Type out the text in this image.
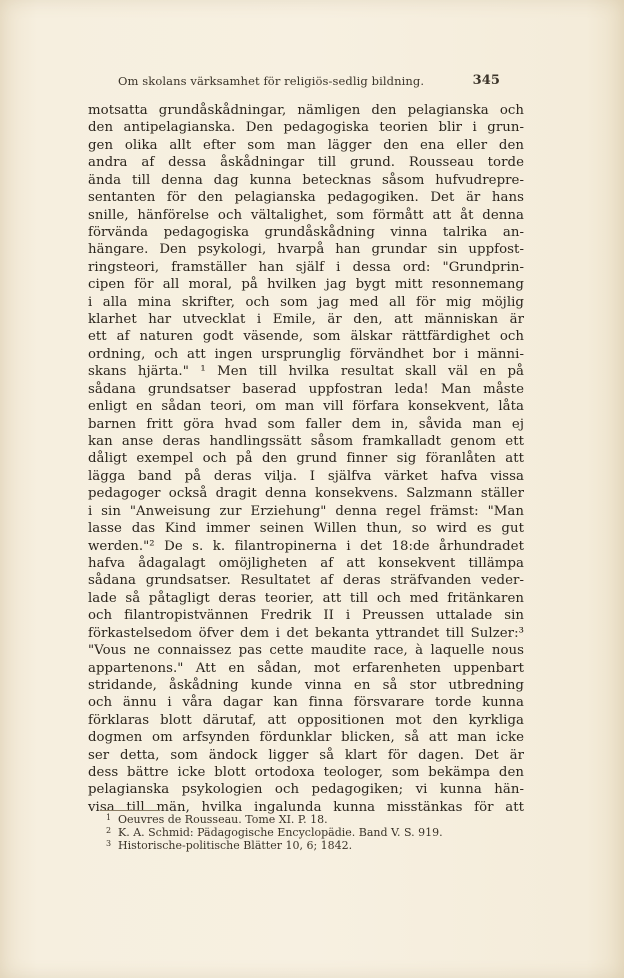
Om skolans värksamhet för religiös-sedlig bildning.	345
motsatta grundåskådningar, nämligen den pelagianska och
den antipelagianska. Den pedagogiska teorien blir i grun-
gen olika allt efter som man lägger den ena eller den
andra af dessa åskådningar till grund. Rousseau torde
ända till denna dag kunna betecknas såsom hufvudrepre-
sentanten för den pelagianska pedagogiken. Det är hans
snille, hänförelse och vältalighet, som förmått att åt denna
förvända pedagogiska grundåskådning vinna talrika an-
hängare. Den psykologi, hvarpå han grundar sin uppfost-
ringsteori, framställer han själf i dessa ord: "Grundprin-
cipen för all moral, på hvilken jag bygt mitt resonnemang
i alla mina skrifter, och som jag med all för mig möjlig
klarhet har utvecklat i Emile, är den, att människan är
ett af naturen godt väsende, som älskar rättfärdighet och
ordning, och att ingen ursprunglig förvändhet bor i männi-
skans hjärta." ¹ Men till hvilka resultat skall väl en på
sådana grundsatser baserad uppfostran leda! Man måste
enligt en sådan teori, om man vill förfara konsekvent, låta
barnen fritt göra hvad som faller dem in, såvida man ej
kan anse deras handlingssätt såsom framkalladt genom ett
dåligt exempel och på den grund finner sig föranlåten att
lägga band på deras vilja. I själfva värket hafva vissa
pedagoger också dragit denna konsekvens. Salzmann ställer
i sin "Anweisung zur Erziehung" denna regel främst: "Man
lasse das Kind immer seinen Willen thun, so wird es gut
werden."² De s. k. filantropinerna i det 18:de århundradet
hafva ådagalagt omöjligheten af att konsekvent tillämpa
sådana grundsatser. Resultatet af deras sträfvanden veder-
lade så påtagligt deras teorier, att till och med fritänkaren
och filantropistvännen Fredrik II i Preussen uttalade sin
förkastelsedom öfver dem i det bekanta yttrandet till Sulzer:³
"Vous ne connaissez pas cette maudite race, à laquelle nous
appartenons." Att en sådan, mot erfarenheten uppenbart
stridande, åskådning kunde vinna en så stor utbredning
och ännu i våra dagar kan finna försvarare torde kunna
förklaras blott därutaf, att oppositionen mot den kyrkliga
dogmen om arfsynden fördunklar blicken, så att man icke
ser detta, som ändock ligger så klart för dagen. Det är
dess bättre icke blott ortodoxa teologer, som bekämpa den
pelagianska psykologien och pedagogiken; vi kunna hän-
visa till män, hvilka ingalunda kunna misstänkas för att
1 Oeuvres de Rousseau. Tome XI. P. 18.
2 K. A. Schmid: Pädagogische Encyclopädie. Band V. S. 919.
3 Historische-politische Blätter 10, 6; 1842.
